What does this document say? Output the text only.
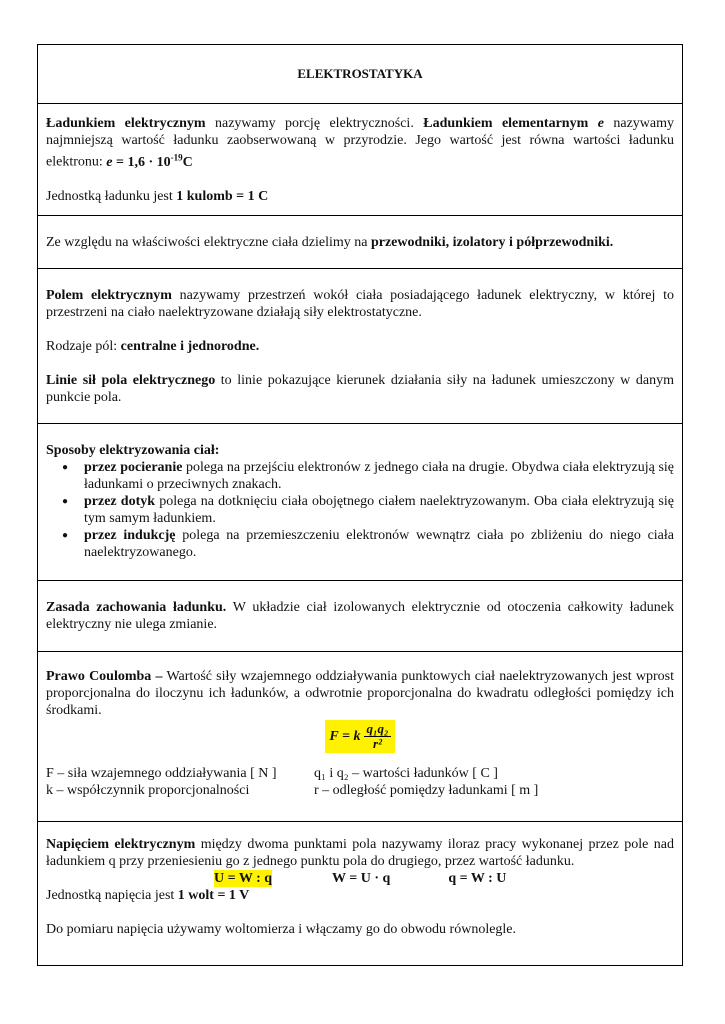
ELEKTROSTATYKA

Ładunkiem elektrycznym nazywamy porcję elektryczności. Ładunkiem elementarnym e nazywamy najmniejszą wartość ładunku zaobserwowaną w przyrodzie. Jego wartość jest równa wartości ładunku elektronu: $e = 1,6 \cdot 10^{-19}C$

Jednostką ładunku jest 1 kulomb = 1 C

Ze względu na właściwości elektryczne ciała dzielimy na przewodniki, izolatory i półprzewodniki.

Polem elektrycznym nazywamy przestrzeń wokół ciała posiadającego ładunek elektryczny, w której to przestrzeni na ciało naelektryzowane działają siły elektrostatyczne.

Rodzaje pól: centralne i jednorodne.

Linie sił pola elektrycznego to linie pokazujące kierunek działania siły na ładunek umieszczony w danym punkcie pola.

Sposoby elektryzowania ciał:

● przez pocieranie polega na przejściu elektronów z jednego ciała na drugie. Obydwa ciała elektryzują się ładunkami o przeciwnych znakach.
● przez dotyk polega na dotknięciu ciała obojętnego ciałem naelektryzowanym. Oba ciała elektryzują się tym samym ładunkiem.
● przez indukcję polega na przemieszczeniu elektronów wewnątrz ciała po zbliżeniu do niego ciała naelektryzowanego.

Zasada zachowania ładunku. W układzie ciał izolowanych elektrycznie od otoczenia całkowity ładunek elektryczny nie ulega zmianie.

Prawo Coulomba – Wartość siły wzajemnego oddziaływania punktowych ciał naelektryzowanych jest wprost proporcjonalna do iloczynu ich ładunków, a odwrotnie proporcjonalna do kwadratu odległości pomiędzy ich środkami.

F = k $\frac{\text{q₁q₂}}{\text{r²}}$
F – siła wzajemnego oddziaływania [ N ]	q₁ i q₂ – wartości ładunków [ C ]
k – współczynnik proporcjonalności	r – odległość pomiędzy ładunkami [ m ]

Napięciem elektrycznym między dwoma punktami pola nazywamy iloraz pracy wykonanej przez pole nad ładunkiem q przy przeniesieniu go z jednego punktu pola do drugiego, przez wartość ładunku.

U = W : q	W = U · q	q = W : U

Jednostką napięcia jest 1 wolt = 1 V

Do pomiaru napięcia używamy woltomierza i włączamy go do obwodu równolegle.
